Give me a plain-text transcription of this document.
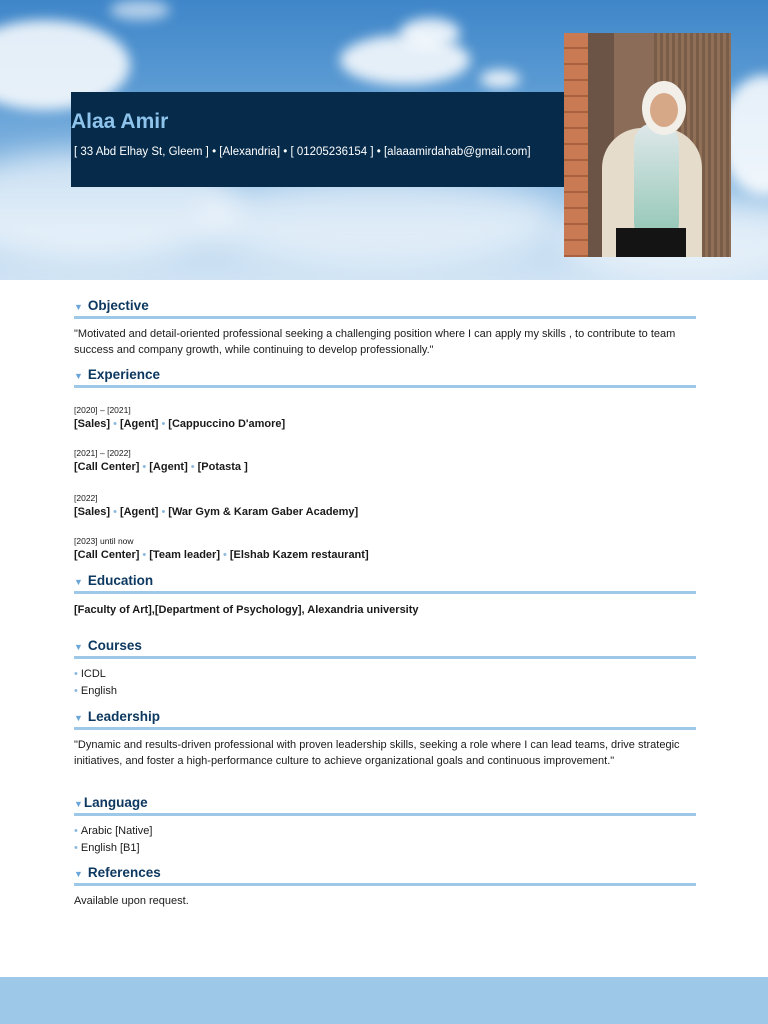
Alaa Amir
[ 33 Abd Elhay St, Gleem ] • [Alexandria] • [ 01205236154 ] • [alaaamirdahab@gmail.com]
▼ Objective
"Motivated and detail-oriented professional seeking a challenging position where I can apply my skills , to contribute to team success and company growth, while continuing to develop professionally."
▼ Experience
[2020] – [2021]
[Sales] • [Agent] • [Cappuccino D'amore]
[2021] – [2022]
[Call Center] • [Agent] • [Potasta ]
[2022]
[Sales] • [Agent] • [War Gym & Karam Gaber Academy]
[2023] until now
[Call Center] • [Team leader] • [Elshab Kazem restaurant]
▼ Education
[Faculty of Art],[Department of Psychology], Alexandria university
▼ Courses
• ICDL
• English
▼ Leadership
"Dynamic and results-driven professional with proven leadership skills, seeking a role where I can lead teams, drive strategic initiatives, and foster a high-performance culture to achieve organizational goals and continuous improvement."
▼ Language
• Arabic [Native]
• English [B1]
▼ References
Available upon request.
